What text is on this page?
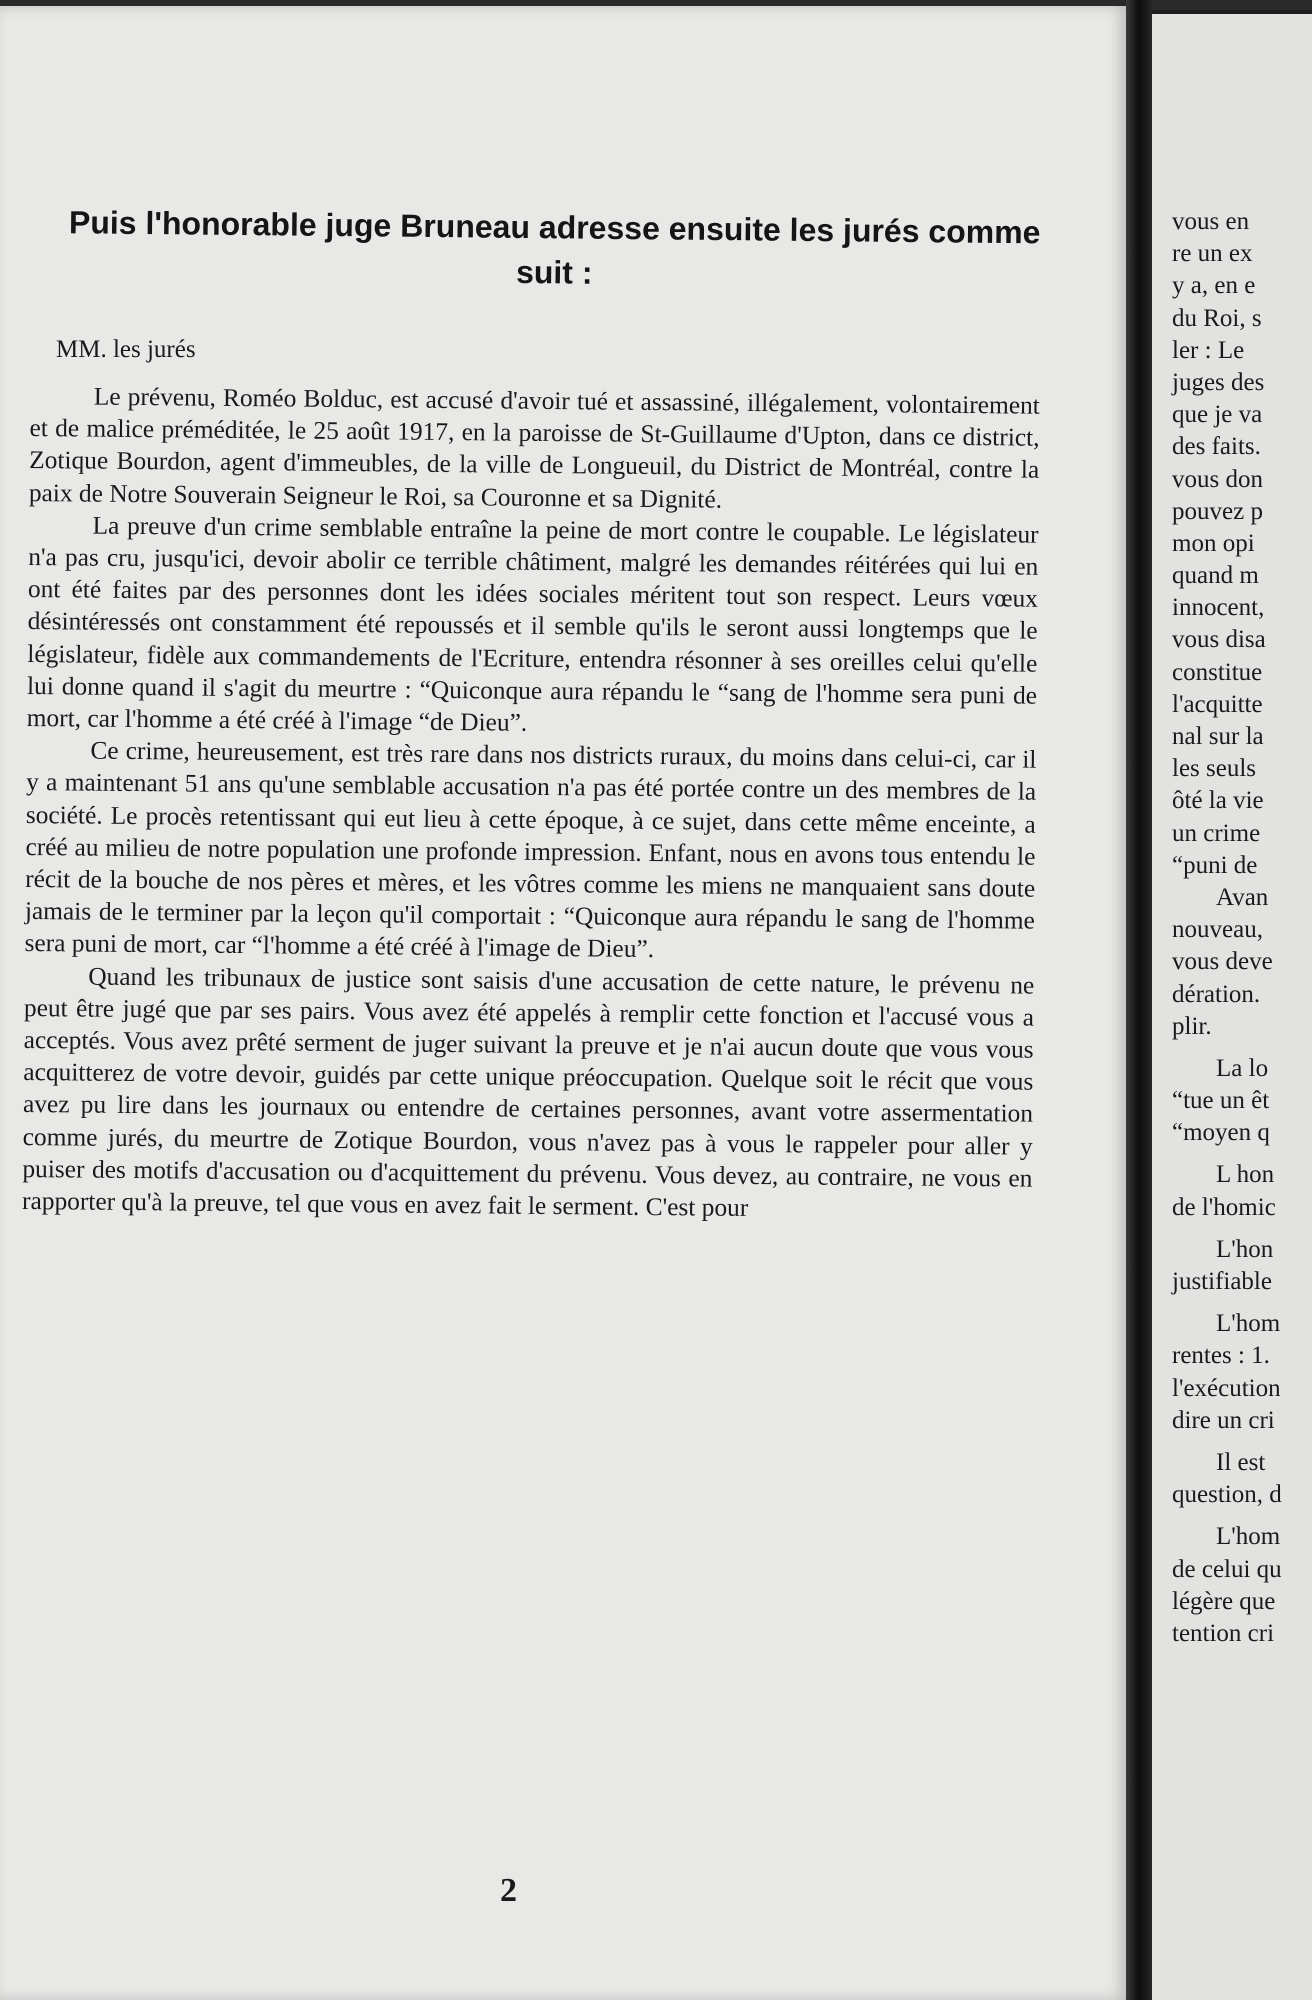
Puis l'honorable juge Bruneau adresse ensuite les jurés comme suit :
MM. les jurés

Le prévenu, Roméo Bolduc, est accusé d'avoir tué et assassiné, illégalement, volontairement et de malice préméditée, le 25 août 1917, en la paroisse de St-Guillaume d'Upton, dans ce district, Zotique Bourdon, agent d'immeubles, de la ville de Longueuil, du District de Montréal, contre la paix de Notre Souverain Seigneur le Roi, sa Couronne et sa Dignité.

La preuve d'un crime semblable entraîne la peine de mort contre le coupable. Le législateur n'a pas cru, jusqu'ici, devoir abolir ce terrible châtiment, malgré les demandes réitérées qui lui en ont été faites par des personnes dont les idées sociales méritent tout son respect. Leurs vœux désintéressés ont constamment été repoussés et il semble qu'ils le seront aussi longtemps que le législateur, fidèle aux commandements de l'Ecriture, entendra résonner à ses oreilles celui qu'elle lui donne quand il s'agit du meurtre : “Quiconque aura répandu le “sang de l'homme sera puni de mort, car l'homme a été créé à l'image “de Dieu”.

Ce crime, heureusement, est très rare dans nos districts ruraux, du moins dans celui-ci, car il y a maintenant 51 ans qu'une semblable accusation n'a pas été portée contre un des membres de la société. Le procès retentissant qui eut lieu à cette époque, à ce sujet, dans cette même enceinte, a créé au milieu de notre population une profonde impression. Enfant, nous en avons tous entendu le récit de la bouche de nos pères et mères, et les vôtres comme les miens ne manquaient sans doute jamais de le terminer par la leçon qu'il comportait : “Quiconque aura répandu le sang de l'homme sera puni de mort, car “l'homme a été créé à l'image de Dieu”.

Quand les tribunaux de justice sont saisis d'une accusation de cette nature, le prévenu ne peut être jugé que par ses pairs. Vous avez été appelés à remplir cette fonction et l'accusé vous a acceptés. Vous avez prêté serment de juger suivant la preuve et je n'ai aucun doute que vous vous acquitterez de votre devoir, guidés par cette unique préoccupation. Quelque soit le récit que vous avez pu lire dans les journaux ou entendre de certaines personnes, avant votre assermentation comme jurés, du meurtre de Zotique Bourdon, vous n'avez pas à vous le rappeler pour aller y puiser des motifs d'accusation ou d'acquittement du prévenu. Vous devez, au contraire, ne vous en rapporter qu'à la preuve, tel que vous en avez fait le serment. C'est pour

2
vous en
re un ex
y a, en e
du Roi, s
ler : Le
juges des
que je va
des faits.
vous don
pouvez p
mon opi
quand m
innocent,
vous disa
constitue
l'acquitte
nal sur la
les seuls
ôté la vie
un crime
“puni de
Avan
nouveau,
vous deve
dération.
plir.
La lo
“tue un êt
“moyen q
L hon
de l'homic
L'hon
justifiable
L'hom
rentes : 1.
l'exécution
dire un cri
Il est
question, d
L'hom
de celui qu
légère que
tention cri
